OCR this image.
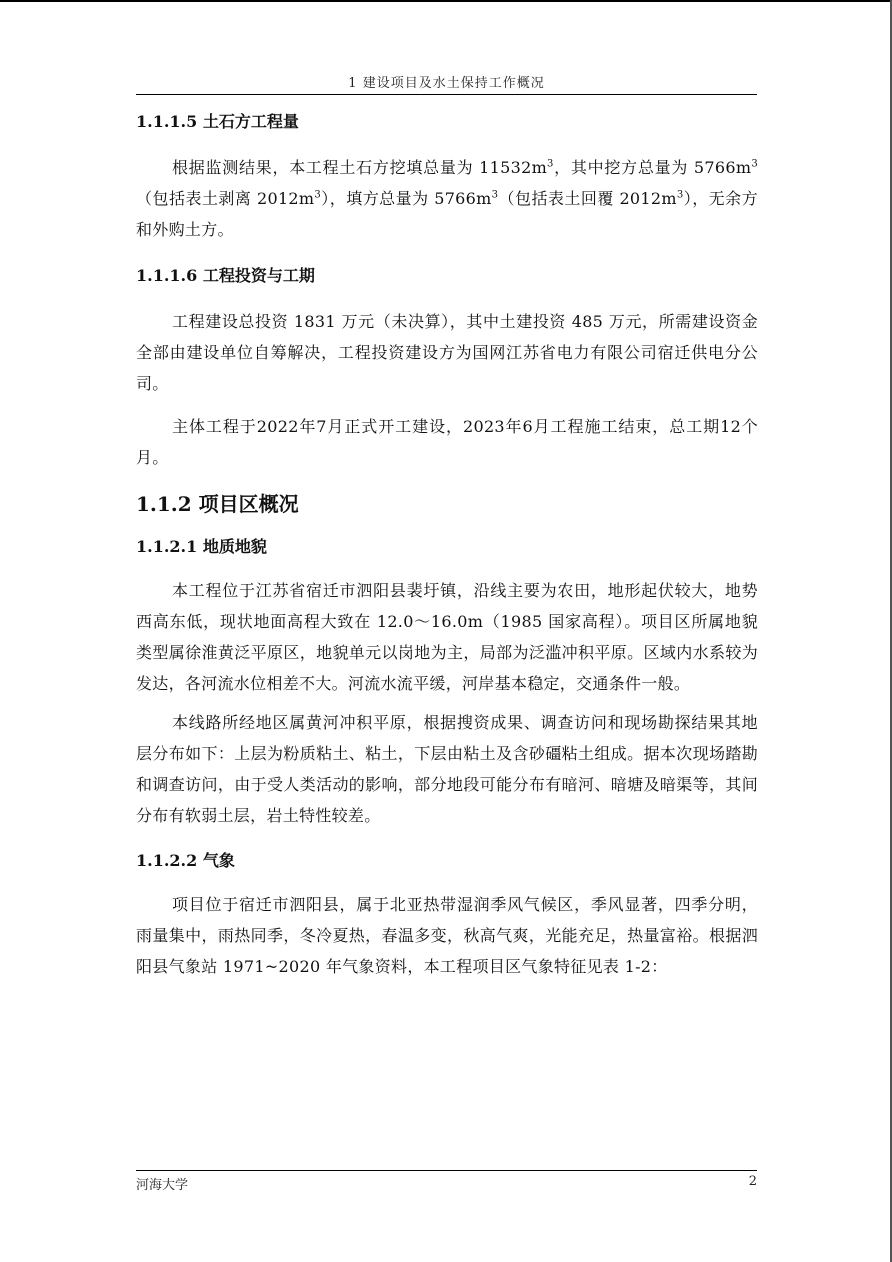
1 建设项目及水土保持工作概况
1.1.1.5 土石方工程量

根据监测结果，本工程土石方挖填总量为 $11532m^3$，其中挖方总量为 $5766m^3$（包括表土剥离 $2012m^3$），填方总量为 $5766m^3$（包括表土回覆 $2012m^3$），无余方和外购土方。

1.1.1.6 工程投资与工期

工程建设总投资 1831 万元（未决算），其中土建投资 485 万元，所需建设资金全部由建设单位自筹解决，工程投资建设方为国网江苏省电力有限公司宿迁供电分公司。

主体工程于2022年7月正式开工建设，2023年6月工程施工结束，总工期12个月。

1.1.2 项目区概况
1.1.2.1 地质地貌

本工程位于江苏省宿迁市泗阳县裴圩镇，沿线主要为农田，地形起伏较大，地势西高东低，现状地面高程大致在 12.0～16.0m（1985 国家高程）。项目区所属地貌类型属徐淮黄泛平原区，地貌单元以岗地为主，局部为泛滥冲积平原。区域内水系较为发达，各河流水位相差不大。河流水流平缓，河岸基本稳定，交通条件一般。

本线路所经地区属黄河冲积平原，根据搜资成果、调查访问和现场勘探结果其地层分布如下：上层为粉质粘土、粘土，下层由粘土及含砂礓粘土组成。据本次现场踏勘和调查访问，由于受人类活动的影响，部分地段可能分布有暗河、暗塘及暗渠等，其间分布有软弱土层，岩土特性较差。

1.1.2.2 气象

项目位于宿迁市泗阳县，属于北亚热带湿润季风气候区，季风显著，四季分明，雨量集中，雨热同季，冬冷夏热，春温多变，秋高气爽，光能充足，热量富裕。根据泗阳县气象站 1971~2020 年气象资料，本工程项目区气象特征见表 1-2：

河海大学	2
